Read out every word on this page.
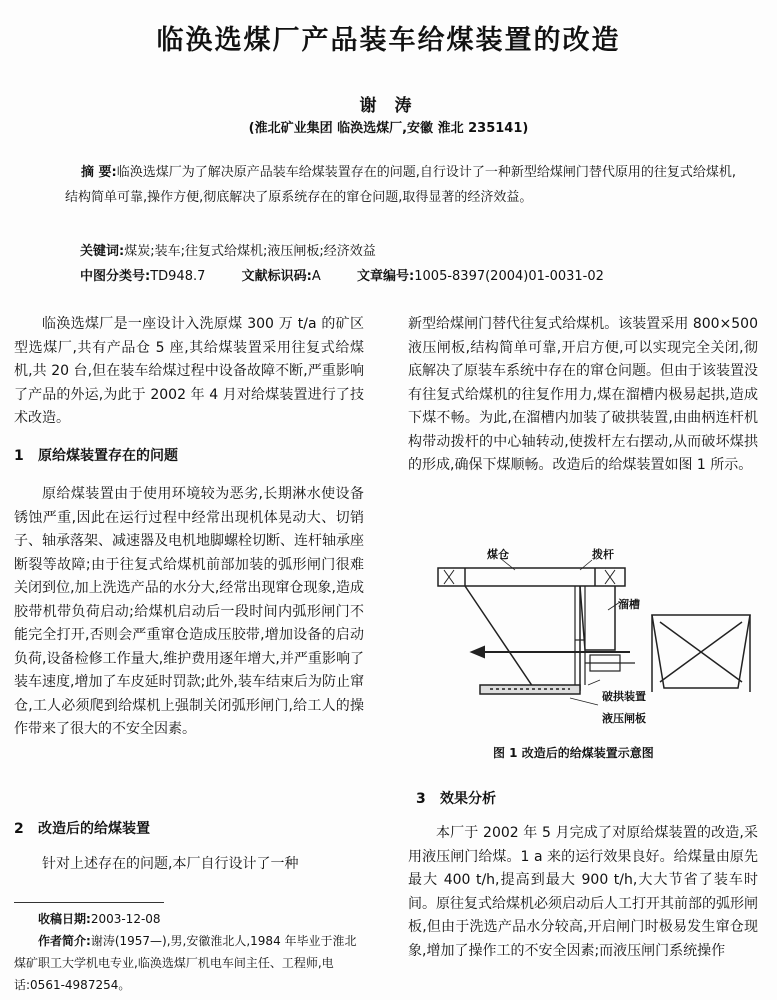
临涣选煤厂产品装车给煤装置的改造
谢 涛
(淮北矿业集团 临涣选煤厂,安徽 淮北 235141)
摘 要:临涣选煤厂为了解决原产品装车给煤装置存在的问题,自行设计了一种新型给煤闸门替代原用的往复式给煤机,结构简单可靠,操作方便,彻底解决了原系统存在的窜仓问题,取得显著的经济效益。
关键词:煤炭;装车;往复式给煤机;液压闸板;经济效益
中图分类号:TD948.7	文献标识码:A	文章编号:1005-8397(2004)01-0031-02

临涣选煤厂是一座设计入洗原煤 300 万 t/a 的矿区型选煤厂,共有产品仓 5 座,其给煤装置采用往复式给煤机,共 20 台,但在装车给煤过程中设备故障不断,严重影响了产品的外运,为此于 2002 年 4 月对给煤装置进行了技术改造。

1 原给煤装置存在的问题

原给煤装置由于使用环境较为恶劣,长期淋水使设备锈蚀严重,因此在运行过程中经常出现机体晃动大、切销子、轴承落架、减速器及电机地脚螺栓切断、连杆轴承座断裂等故障;由于往复式给煤机前部加装的弧形闸门很难关闭到位,加上洗选产品的水分大,经常出现窜仓现象,造成胶带机带负荷启动;给煤机启动后一段时间内弧形闸门不能完全打开,否则会严重窜仓造成压胶带,增加设备的启动负荷,设备检修工作量大,维护费用逐年增大,并严重影响了装车速度,增加了车皮延时罚款;此外,装车结束后为防止窜仓,工人必须爬到给煤机上强制关闭弧形闸门,给工人的操作带来了很大的不安全因素。

2 改造后的给煤装置

针对上述存在的问题,本厂自行设计了一种

收稿日期:2003-12-08
作者简介:谢涛(1957—),男,安徽淮北人,1984 年毕业于淮北煤矿职工大学机电专业,临涣选煤厂机电车间主任、工程师,电话:0561-4987254。

新型给煤闸门替代往复式给煤机。该装置采用 800×500 液压闸板,结构简单可靠,开启方便,可以实现完全关闭,彻底解决了原装车系统中存在的窜仓问题。但由于该装置没有往复式给煤机的往复作用力,煤在溜槽内极易起拱,造成下煤不畅。为此,在溜槽内加装了破拱装置,由曲柄连杆机构带动拨杆的中心轴转动,使拨杆左右摆动,从而破坏煤拱的形成,确保下煤顺畅。改造后的给煤装置如图 1 所示。

煤仓	拨杆
溜槽
破拱装置
液压闸板
图 1 改造后的给煤装置示意图
3 效果分析

本厂于 2002 年 5 月完成了对原给煤装置的改造,采用液压闸门给煤。1 a 来的运行效果良好。给煤量由原先最大 400 t/h,提高到最大 900 t/h,大大节省了装车时间。原往复式给煤机必须启动后人工打开其前部的弧形闸板,但由于洗选产品水分较高,开启闸门时极易发生窜仓现象,增加了操作工的不安全因素;而液压闸门系统操作
